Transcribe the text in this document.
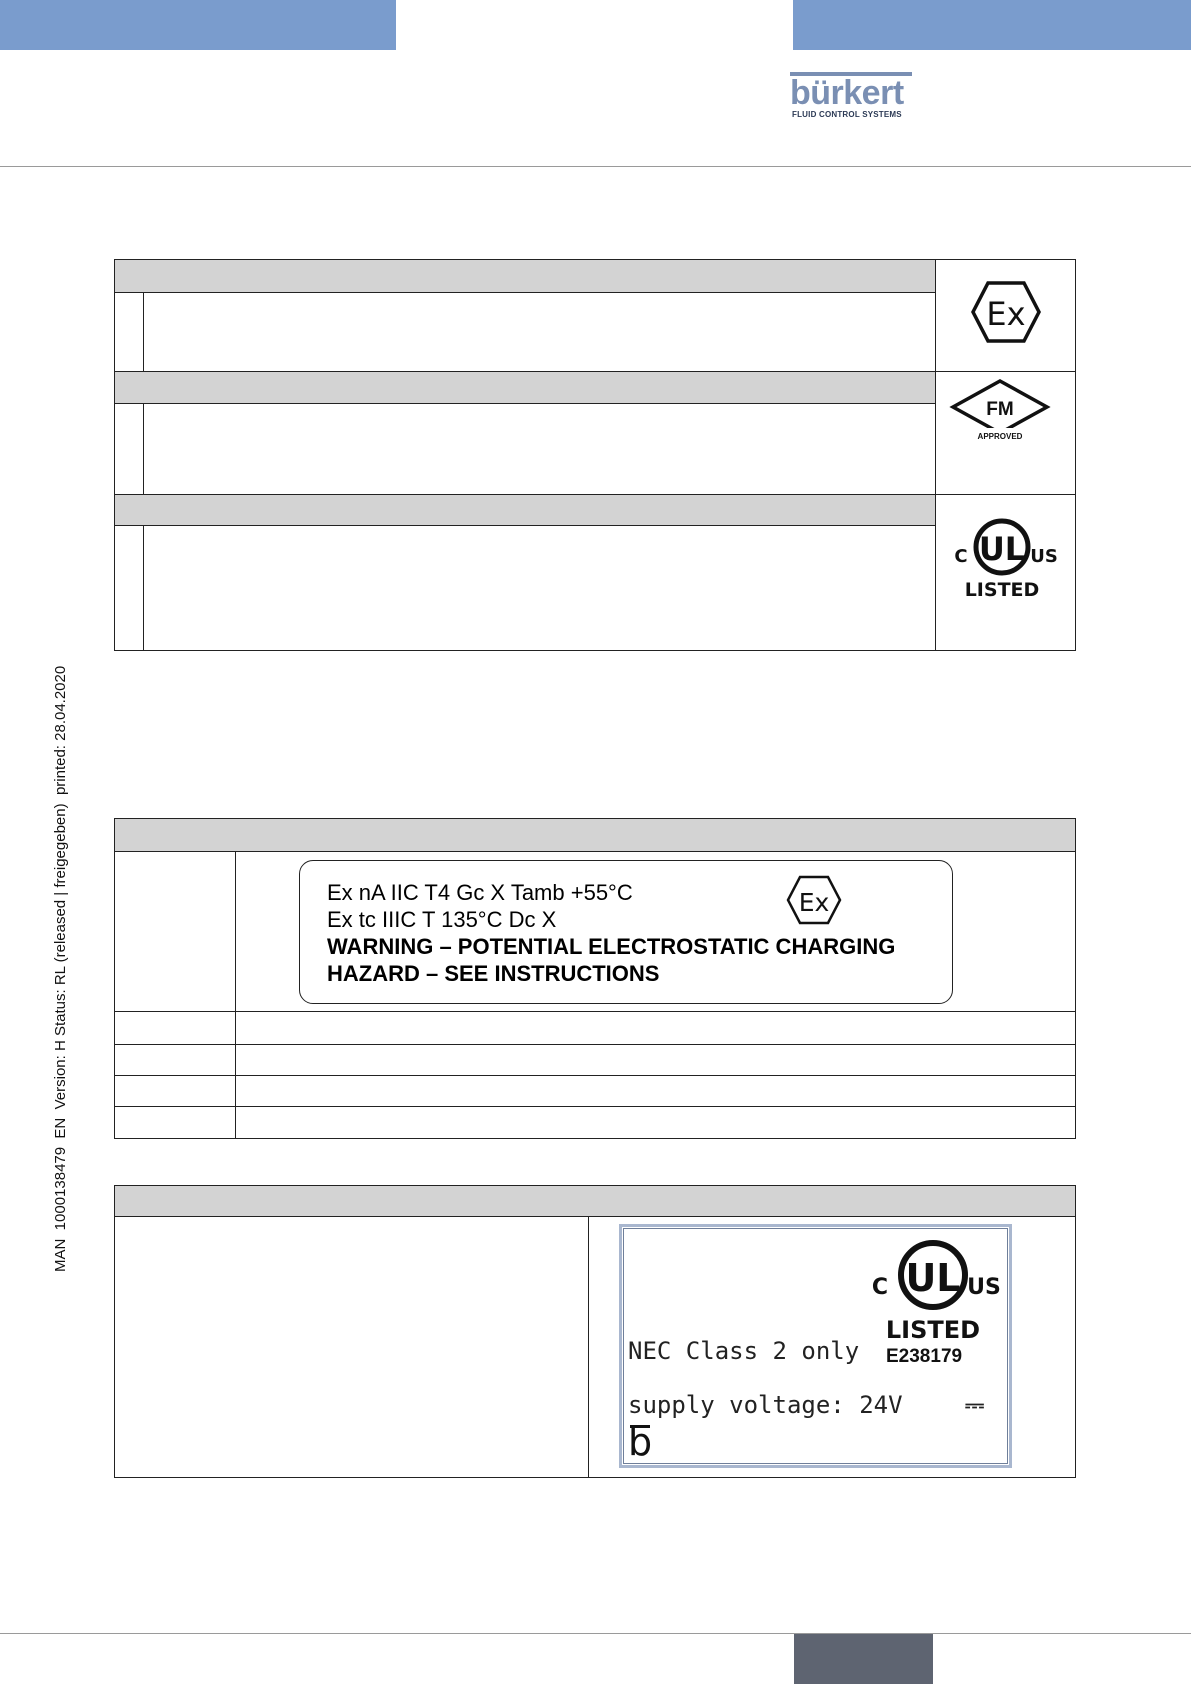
bürkert
FLUID CONTROL SYSTEMS
MAN  1000138479  EN  Version: H Status: RL (released | freigegeben)  printed: 28.04.2020
Ex
FM
APPROVED
UL
C	US
LISTED
Ex nA IIC T4 Gc X Tamb +55°C
Ex tc IIIC T 135°C Dc X
WARNING – POTENTIAL ELECTROSTATIC CHARGING
HAZARD – SEE INSTRUCTIONS
Ex
UL
C	US
LISTED
E238179
NEC Class 2 only
supply voltage: 24V	⎓
b
